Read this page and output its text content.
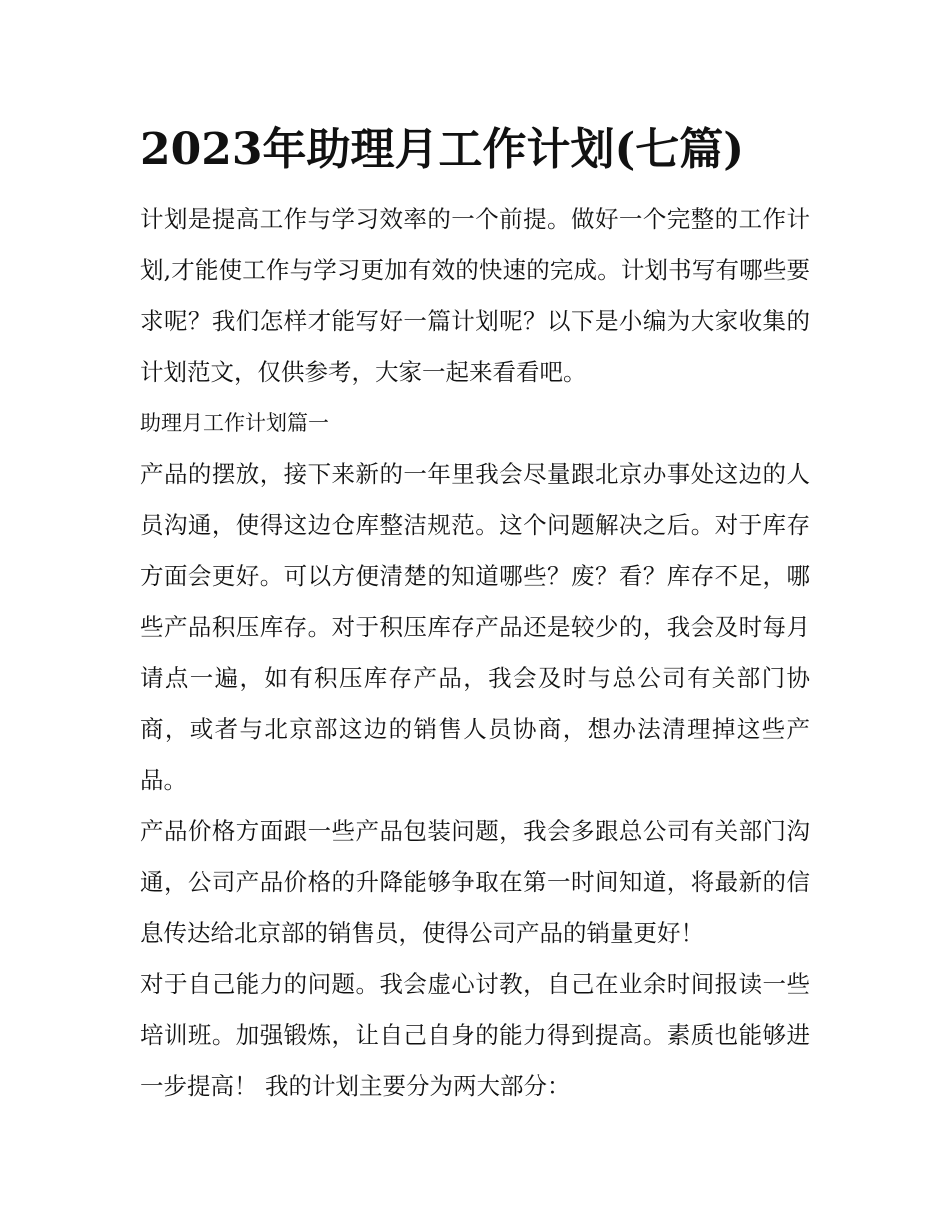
2023年助理月工作计划(七篇)

计划是提高工作与学习效率的一个前提。做好一个完整的工作计划,才能使工作与学习更加有效的快速的完成。计划书写有哪些要求呢？我们怎样才能写好一篇计划呢？以下是小编为大家收集的计划范文，仅供参考，大家一起来看看吧。

助理月工作计划篇一

产品的摆放，接下来新的一年里我会尽量跟北京办事处这边的人员沟通，使得这边仓库整洁规范。这个问题解决之后。对于库存方面会更好。可以方便清楚的知道哪些？废？看？库存不足，哪些产品积压库存。对于积压库存产品还是较少的，我会及时每月请点一遍，如有积压库存产品，我会及时与总公司有关部门协商，或者与北京部这边的销售人员协商，想办法清理掉这些产品。

产品价格方面跟一些产品包装问题，我会多跟总公司有关部门沟通，公司产品价格的升降能够争取在第一时间知道，将最新的信息传达给北京部的销售员，使得公司产品的销量更好！

对于自己能力的问题。我会虚心讨教，自己在业余时间报读一些培训班。加强锻炼，让自己自身的能力得到提高。素质也能够进一步提高！ 我的计划主要分为两大部分：
